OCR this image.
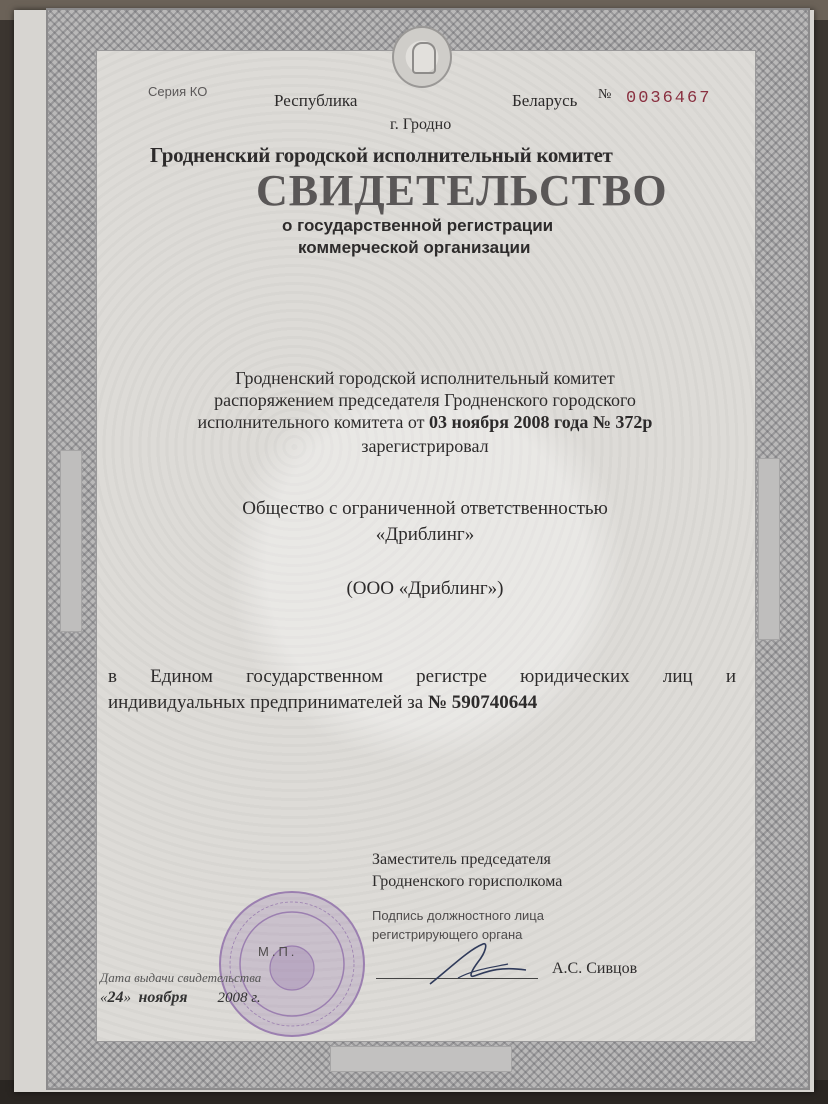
Серия КО	Республика	Беларусь № 0036467
г. Гродно
Гродненский городской исполнительный комитет
СВИДЕТЕЛЬСТВО
о государственной регистрации
коммерческой организации
Гродненский городской исполнительный комитет
распоряжением председателя Гродненского городского
исполнительного комитета от 03 ноября 2008 года № 372р
зарегистрировал
Общество с ограниченной ответственностью
«Дриблинг»
(ООО «Дриблинг»)
в Едином государственном регистре юридических лиц и
индивидуальных предпринимателей за № 590740644
Заместитель председателя
Гродненского горисполкома
Подпись должностного лица
регистрирующего органа
А.С. Сивцов
М.П.
Дата выдачи свидетельства
«24» ноября 2008 г.
